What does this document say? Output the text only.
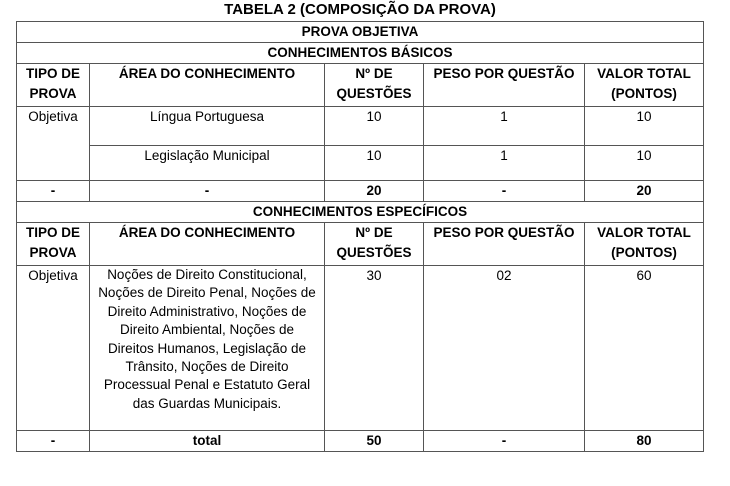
TABELA 2 (COMPOSIÇÃO DA PROVA)
PROVA OBJETIVA				
CONHECIMENTOS BÁSICOS				
TIPO DE PROVA	ÁREA DO CONHECIMENTO	Nº DE QUESTÕES	PESO POR QUESTÃO	VALOR TOTAL (PONTOS)
Objetiva	Língua Portuguesa	10	1	10
	Legislação Municipal	10	1	10
-	-	20	-	20
CONHECIMENTOS ESPECÍFICOS				
TIPO DE PROVA	ÁREA DO CONHECIMENTO	Nº DE QUESTÕES	PESO POR QUESTÃO	VALOR TOTAL (PONTOS)
Objetiva	Noções de Direito Constitucional, Noções de Direito Penal, Noções de Direito Administrativo, Noções de Direito Ambiental, Noções de Direitos Humanos, Legislação de Trânsito, Noções de Direito Processual Penal e Estatuto Geral das Guardas Municipais.	30	02	60
-	total	50	-	80
